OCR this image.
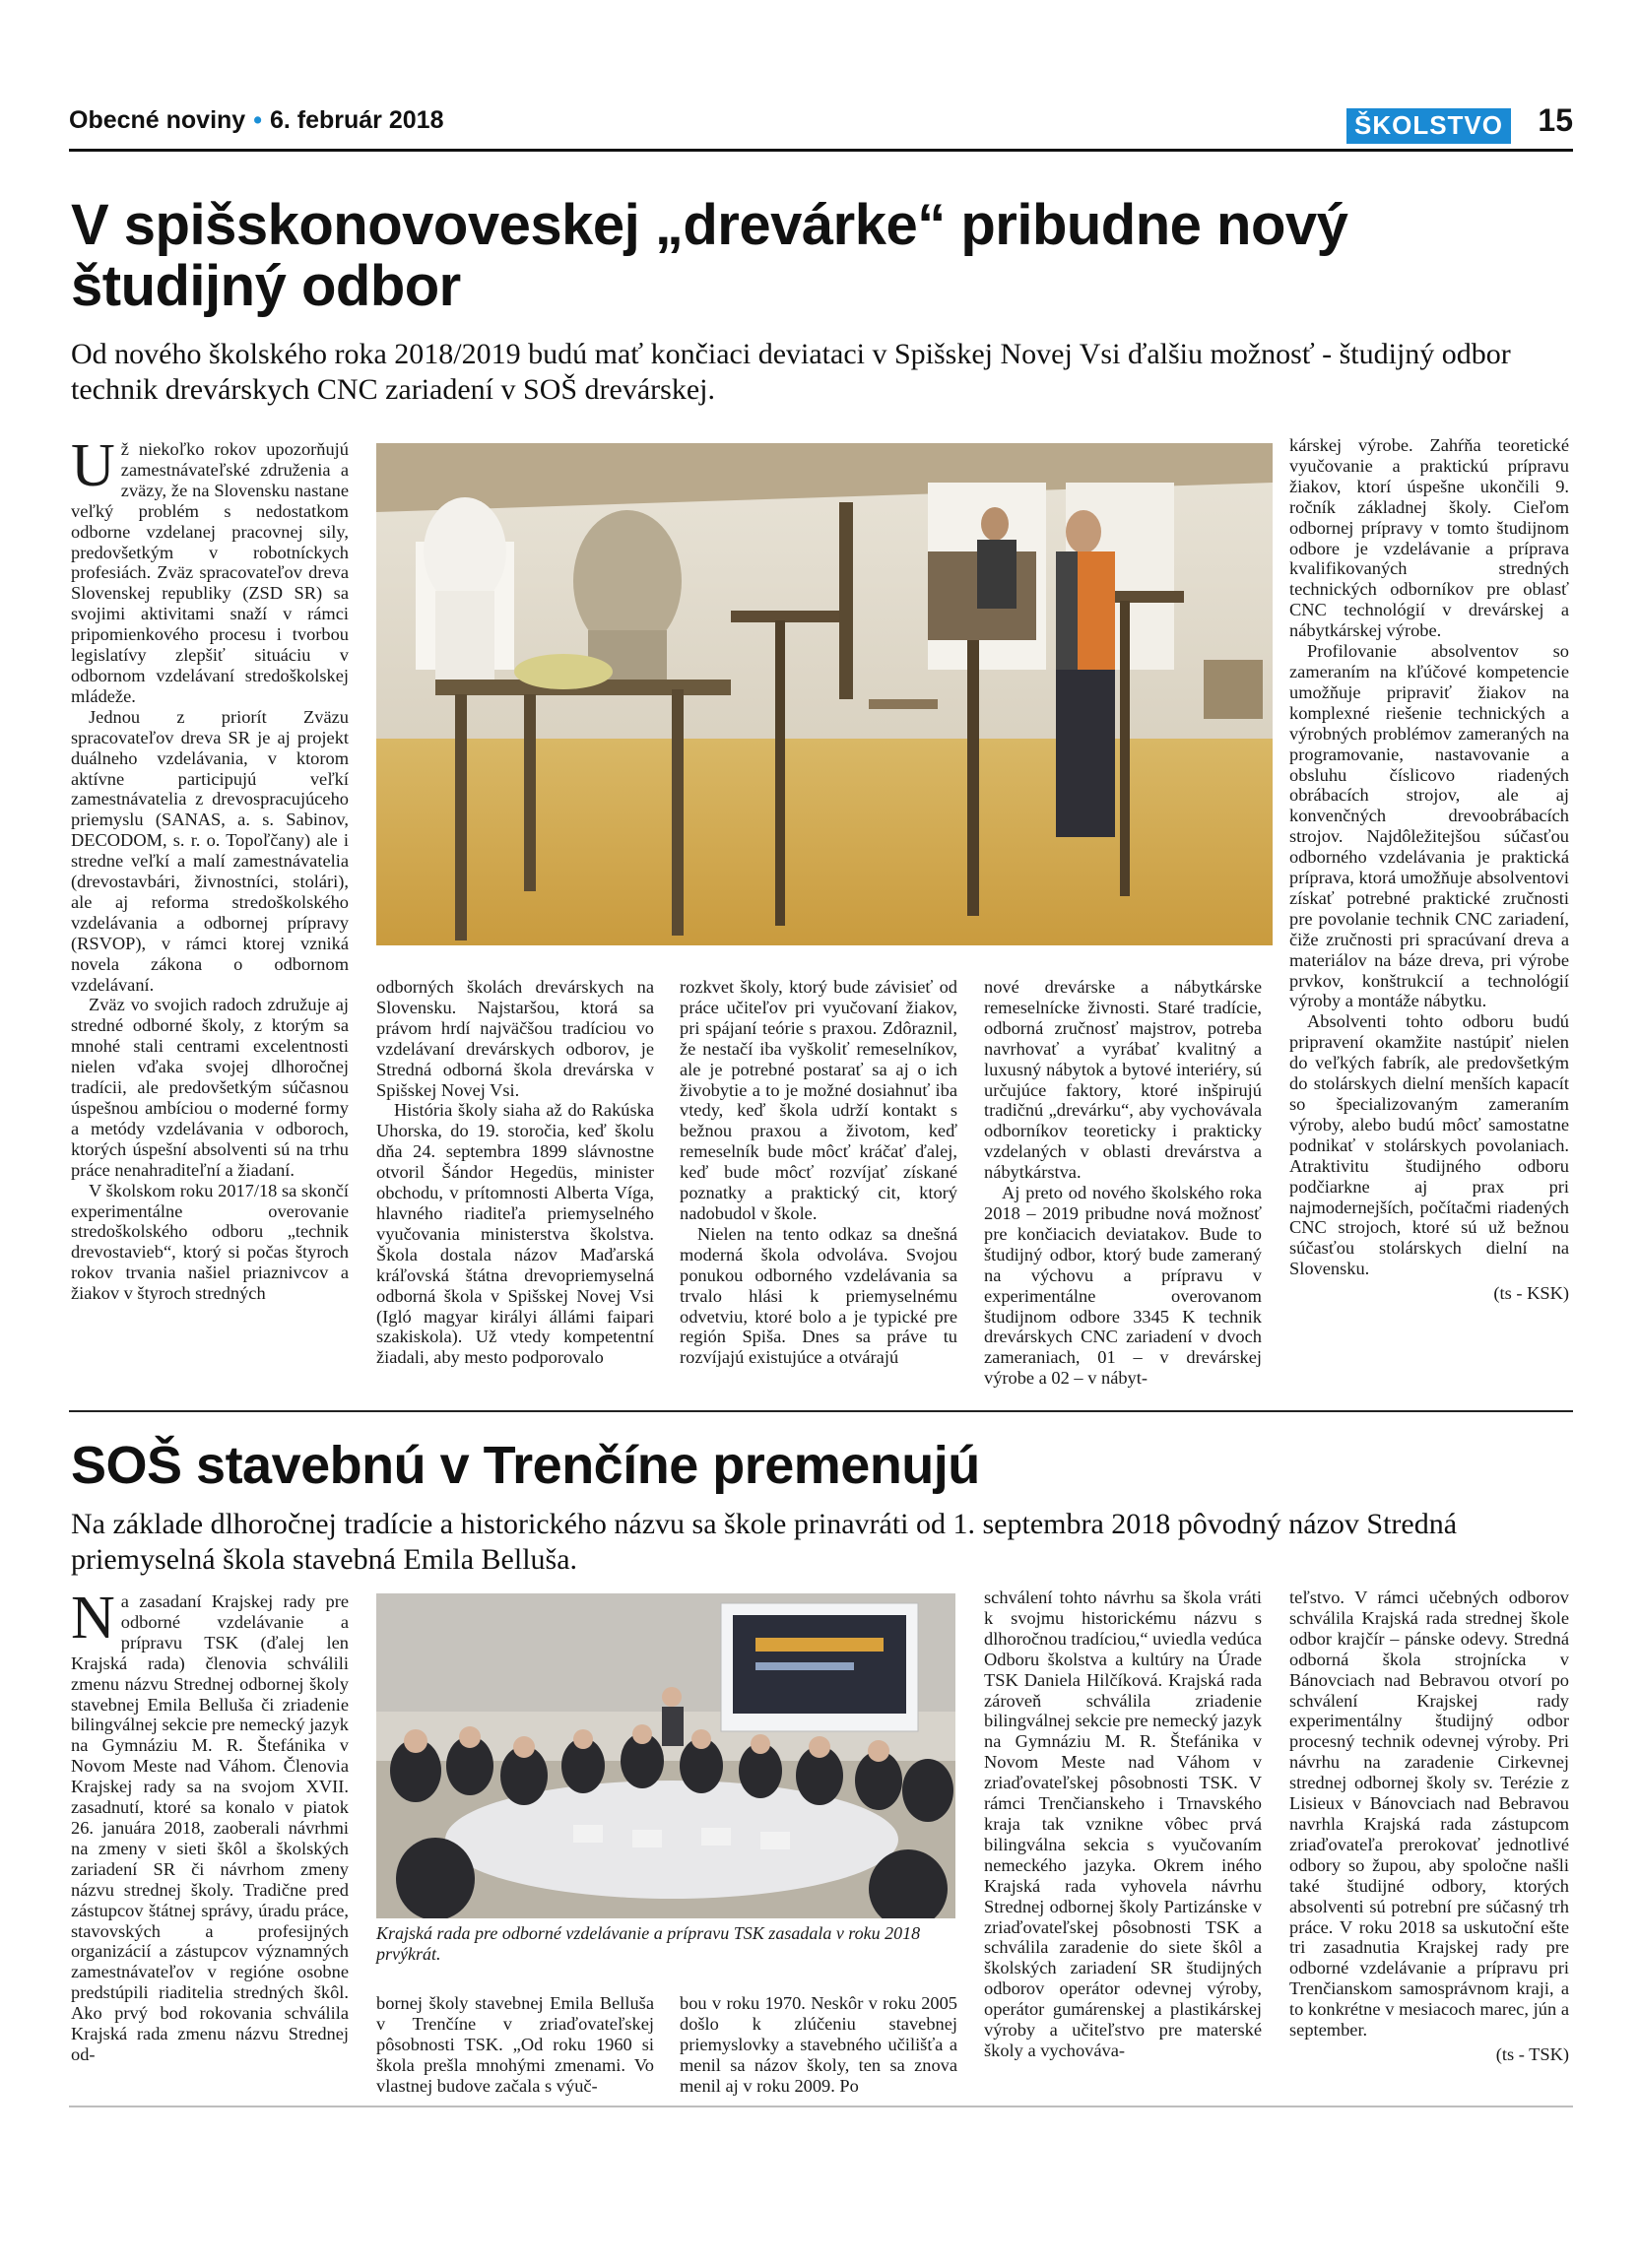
Obecné noviny • 6. február 2018	ŠKOLSTVO 15
V spišskonovoveskej „drevárke“ pribudne nový študijný odbor
Od nového školského roka 2018/2019 budú mať končiaci deviataci v Spišskej Novej Vsi ďalšiu možnosť - študijný odbor technik drevárskych CNC zariadení v SOŠ drevárskej.

Už niekoľko rokov upozorňujú zamestnávateľské združenia a zväzy, že na Slovensku nastane veľký problém s nedostatkom odborne vzdelanej pracovnej sily, predovšetkým v robotníckych profesiách. Zväz spracovateľov dreva Slovenskej republiky (ZSD SR) sa svojimi aktivitami snaží v rámci pripomienkového procesu i tvorbou legislatívy zlepšiť situáciu v odbornom vzdelávaní stredoškolskej mládeže.

Jednou z priorít Zväzu spracovateľov dreva SR je aj projekt duálneho vzdelávania, v ktorom aktívne participujú veľkí zamestnávatelia z drevospracujúceho priemyslu (SANAS, a. s. Sabinov, DECODOM, s. r. o. Topoľčany) ale i stredne veľkí a malí zamestnávatelia (drevostavbári, živnostníci, stolári), ale aj reforma stredoškolského vzdelávania a odbornej prípravy (RSVOP), v rámci ktorej vzniká novela zákona o odbornom vzdelávaní.

Zväz vo svojich radoch združuje aj stredné odborné školy, z ktorým sa mnohé stali centrami excelentnosti nielen vďaka svojej dlhoročnej tradícii, ale predovšetkým súčasnou úspešnou ambíciou o moderné formy a metódy vzdelávania v odboroch, ktorých úspešní absolventi sú na trhu práce nenahraditeľní a žiadaní.

V školskom roku 2017/18 sa skončí experimentálne overovanie stredoškolského odboru „technik drevostavieb“, ktorý si počas štyroch rokov trvania našiel priaznivcov a žiakov v štyroch stredných

odborných školách drevárskych na Slovensku. Najstaršou, ktorá sa právom hrdí najväčšou tradíciou vo vzdelávaní drevárskych odborov, je Stredná odborná škola drevárska v Spišskej Novej Vsi.

História školy siaha až do Rakúska Uhorska, do 19. storočia, keď školu dňa 24. septembra 1899 slávnostne otvoril Šándor Hegedüs, minister obchodu, v prítomnosti Alberta Víga, hlavného riaditeľa priemyselného vyučovania ministerstva školstva. Škola dostala názov Maďarská kráľovská štátna drevopriemyselná odborná škola v Spišskej Novej Vsi (Igló magyar királyi állámi faipari szakiskola). Už vtedy kompetentní žiadali, aby mesto podporovalo

rozkvet školy, ktorý bude závisieť od práce učiteľov pri vyučovaní žiakov, pri spájaní teórie s praxou. Zdôraznil, že nestačí iba vyškoliť remeselníkov, ale je potrebné postarať sa aj o ich živobytie a to je možné dosiahnuť iba vtedy, keď škola udrží kontakt s bežnou praxou a životom, keď remeselník bude môcť kráčať ďalej, keď bude môcť rozvíjať získané poznatky a praktický cit, ktorý nadobudol v škole.

Nielen na tento odkaz sa dnešná moderná škola odvoláva. Svojou ponukou odborného vzdelávania sa trvalo hlási k priemyselnému odvetviu, ktoré bolo a je typické pre región Spiša. Dnes sa práve tu rozvíjajú existujúce a otvárajú

nové drevárske a nábytkárske remeselnícke živnosti. Staré tradície, odborná zručnosť majstrov, potreba navrhovať a vyrábať kvalitný a luxusný nábytok a bytové interiéry, sú určujúce faktory, ktoré inšpirujú tradičnú „drevárku“, aby vychovávala odborníkov teoreticky i prakticky vzdelaných v oblasti drevárstva a nábytkárstva.

Aj preto od nového školského roka 2018 – 2019 pribudne nová možnosť pre končiacich deviatakov. Bude to študijný odbor, ktorý bude zameraný na výchovu a prípravu v experimentálne overovanom študijnom odbore 3345 K technik drevárskych CNC zariadení v dvoch zameraniach, 01 – v drevárskej výrobe a 02 – v nábyt-

kárskej výrobe. Zahŕňa teoretické vyučovanie a praktickú prípravu žiakov, ktorí úspešne ukončili 9. ročník základnej školy. Cieľom odbornej prípravy v tomto študijnom odbore je vzdelávanie a príprava kvalifikovaných stredných technických odborníkov pre oblasť CNC technológií v drevárskej a nábytkárskej výrobe.

Profilovanie absolventov so zameraním na kľúčové kompetencie umožňuje pripraviť žiakov na komplexné riešenie technických a výrobných problémov zameraných na programovanie, nastavovanie a obsluhu číslicovo riadených obrábacích strojov, ale aj konvenčných drevoobrábacích strojov. Najdôležitejšou súčasťou odborného vzdelávania je praktická príprava, ktorá umožňuje absolventovi získať potrebné praktické zručnosti pre povolanie technik CNC zariadení, čiže zručnosti pri spracúvaní dreva a materiálov na báze dreva, pri výrobe prvkov, konštrukcií a technológií výroby a montáže nábytku.

Absolventi tohto odboru budú pripravení okamžite nastúpiť nielen do veľkých fabrík, ale predovšetkým do stolárskych dielní menších kapacít so špecializovaným zameraním výroby, alebo budú môcť samostatne podnikať v stolárskych povolaniach. Atraktivitu študijného odboru podčiarkne aj prax pri najmodernejších, počítačmi riadených CNC strojoch, ktoré sú už bežnou súčasťou stolárskych dielní na Slovensku.

(ts - KSK)

SOŠ stavebnú v Trenčíne premenujú
Na základe dlhoročnej tradície a historického názvu sa škole prinavráti od 1. septembra 2018 pôvodný názov Stredná priemyselná škola stavebná Emila Belluša.

Na zasadaní Krajskej rady pre odborné vzdelávanie a prípravu TSK (ďalej len Krajská rada) členovia schválili zmenu názvu Strednej odbornej školy stavebnej Emila Belluša či zriadenie bilingválnej sekcie pre nemecký jazyk na Gymnáziu M. R. Štefánika v Novom Meste nad Váhom. Členovia Krajskej rady sa na svojom XVII. zasadnutí, ktoré sa konalo v piatok 26. januára 2018, zaoberali návrhmi na zmeny v sieti škôl a školských zariadení SR či návrhom zmeny názvu strednej školy. Tradične pred zástupcov štátnej správy, úradu práce, stavovských a profesijných organizácií a zástupcov významných zamestnávateľov v regióne osobne predstúpili riaditelia stredných škôl. Ako prvý bod rokovania schválila Krajská rada zmenu názvu Strednej od-

Krajská rada pre odborné vzdelávanie a prípravu TSK zasadala v roku 2018 prvýkrát.

bornej školy stavebnej Emila Belluša v Trenčíne v zriaďovateľskej pôsobnosti TSK. „Od roku 1960 si škola prešla mnohými zmenami. Vo vlastnej budove začala s výuč-

bou v roku 1970. Neskôr v roku 2005 došlo k zlúčeniu stavebnej priemyslovky a stavebného učilišťa a menil sa názov školy, ten sa znova menil aj v roku 2009. Po

schválení tohto návrhu sa škola vráti k svojmu historickému názvu s dlhoročnou tradíciou,“ uviedla vedúca Odboru školstva a kultúry na Úrade TSK Daniela Hilčíková. Krajská rada zároveň schválila zriadenie bilingválnej sekcie pre nemecký jazyk na Gymnáziu M. R. Štefánika v Novom Meste nad Váhom v zriaďovateľskej pôsobnosti TSK. V rámci Trenčianskeho i Trnavského kraja tak vznikne vôbec prvá bilingválna sekcia s vyučovaním nemeckého jazyka. Okrem iného Krajská rada vyhovela návrhu Strednej odbornej školy Partizánske v zriaďovateľskej pôsobnosti TSK a schválila zaradenie do siete škôl a školských zariadení SR študijných odborov operátor odevnej výroby, operátor gumárenskej a plastikárskej výroby a učiteľstvo pre materské školy a vychováva-

teľstvo. V rámci učebných odborov schválila Krajská rada strednej škole odbor krajčír – pánske odevy. Stredná odborná škola strojnícka v Bánovciach nad Bebravou otvorí po schválení Krajskej rady experimentálny študijný odbor procesný technik odevnej výroby. Pri návrhu na zaradenie Cirkevnej strednej odbornej školy sv. Terézie z Lisieux v Bánovciach nad Bebravou navrhla Krajská rada zástupcom zriaďovateľa prerokovať jednotlivé odbory so župou, aby spoločne našli také študijné odbory, ktorých absolventi sú potrební pre súčasný trh práce. V roku 2018 sa uskutoční ešte tri zasadnutia Krajskej rady pre odborné vzdelávanie a prípravu pri Trenčianskom samosprávnom kraji, a to konkrétne v mesiacoch marec, jún a september.

(ts - TSK)
